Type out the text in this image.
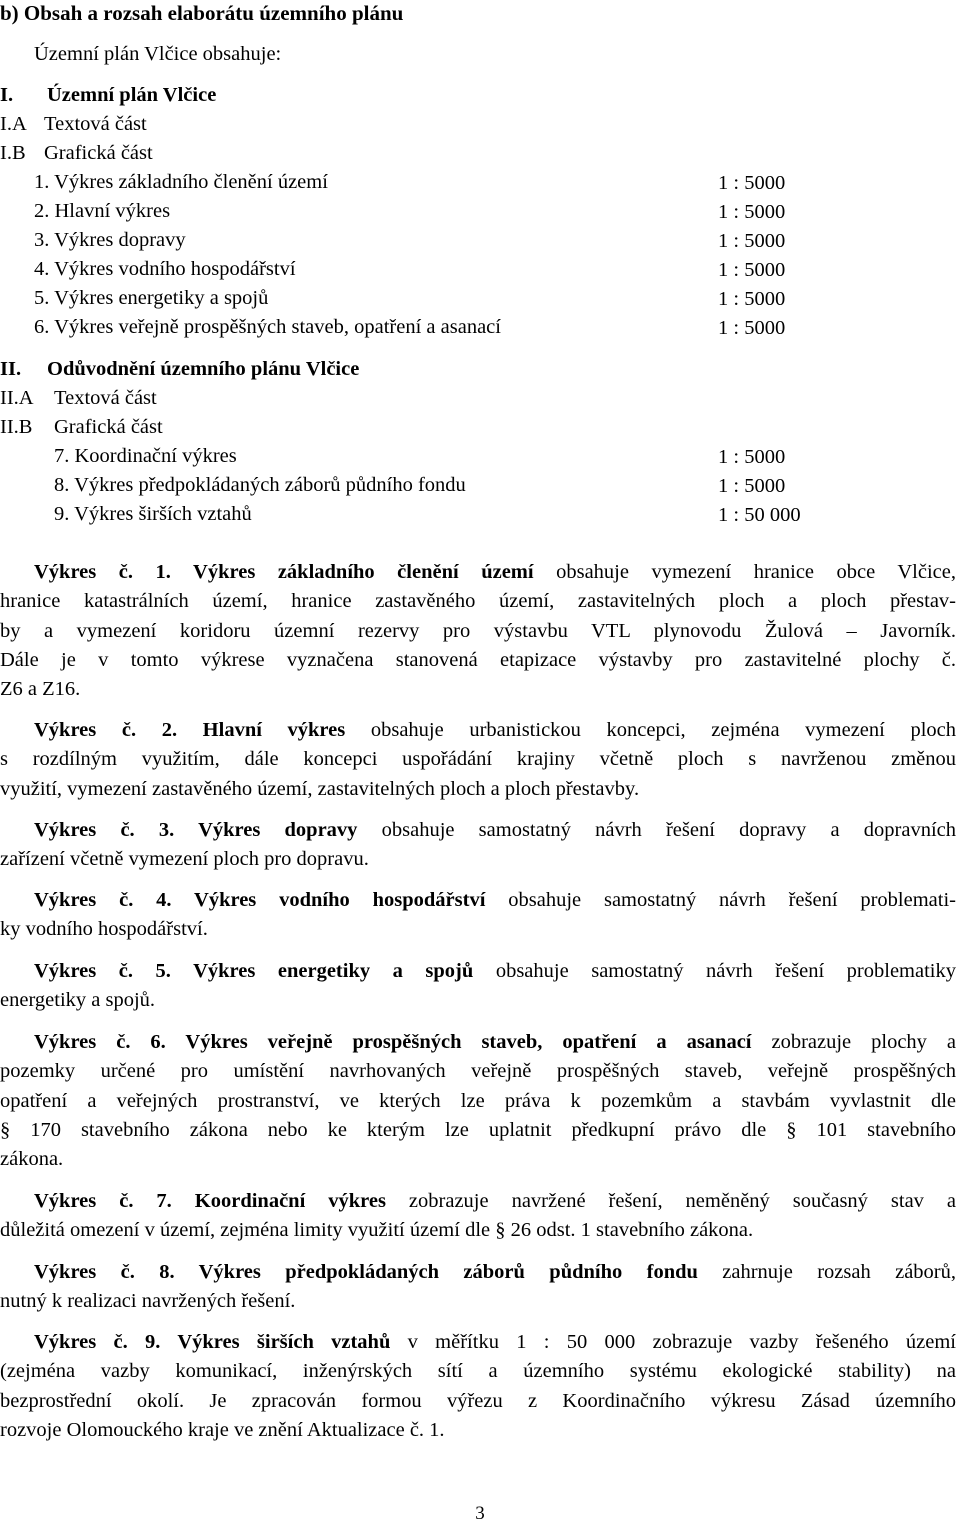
b) Obsah a rozsah elaborátu územního plánu
Územní plán Vlčice obsahuje:
I. Územní plán Vlčice
I.A Textová část
I.B Grafická část
1. Výkres základního členění území	1 : 5000
2. Hlavní výkres	1 : 5000
3. Výkres dopravy	1 : 5000
4. Výkres vodního hospodářství	1 : 5000
5. Výkres energetiky a spojů	1 : 5000
6. Výkres veřejně prospěšných staveb, opatření a asanací	1 : 5000
II. Odůvodnění územního plánu Vlčice
II.A Textová část
II.B Grafická část
7. Koordinační výkres	1 : 5000
8. Výkres předpokládaných záborů půdního fondu	1 : 5000
9. Výkres širších vztahů	1 : 50 000
Výkres č. 1. Výkres základního členění území obsahuje vymezení hranice obce Vlčice,
hranice katastrálních území, hranice zastavěného území, zastavitelných ploch a ploch přestav-
by a vymezení koridoru územní rezervy pro výstavbu VTL plynovodu Žulová – Javorník.
Dále je v tomto výkrese vyznačena stanovená etapizace výstavby pro zastavitelné plochy č.
Z6 a Z16.
Výkres č. 2. Hlavní výkres obsahuje urbanistickou koncepci, zejména vymezení ploch
s rozdílným využitím, dále koncepci uspořádání krajiny včetně ploch s navrženou změnou
využití, vymezení zastavěného území, zastavitelných ploch a ploch přestavby.
Výkres č. 3. Výkres dopravy obsahuje samostatný návrh řešení dopravy a dopravních
zařízení včetně vymezení ploch pro dopravu.
Výkres č. 4. Výkres vodního hospodářství obsahuje samostatný návrh řešení problemati-
ky vodního hospodářství.
Výkres č. 5. Výkres energetiky a spojů obsahuje samostatný návrh řešení problematiky
energetiky a spojů.
Výkres č. 6. Výkres veřejně prospěšných staveb, opatření a asanací zobrazuje plochy a
pozemky určené pro umístění navrhovaných veřejně prospěšných staveb, veřejně prospěšných
opatření a veřejných prostranství, ve kterých lze práva k pozemkům a stavbám vyvlastnit dle
§ 170 stavebního zákona nebo ke kterým lze uplatnit předkupní právo dle § 101 stavebního
zákona.
Výkres č. 7. Koordinační výkres zobrazuje navržené řešení, neměněný současný stav a
důležitá omezení v území, zejména limity využití území dle § 26 odst. 1 stavebního zákona.
Výkres č. 8. Výkres předpokládaných záborů půdního fondu zahrnuje rozsah záborů,
nutný k realizaci navržených řešení.
Výkres č. 9. Výkres širších vztahů v měřítku 1 : 50 000 zobrazuje vazby řešeného území
(zejména vazby komunikací, inženýrských sítí a územního systému ekologické stability) na
bezprostřední okolí. Je zpracován formou výřezu z Koordinačního výkresu Zásad územního
rozvoje Olomouckého kraje ve znění Aktualizace č. 1.
3
